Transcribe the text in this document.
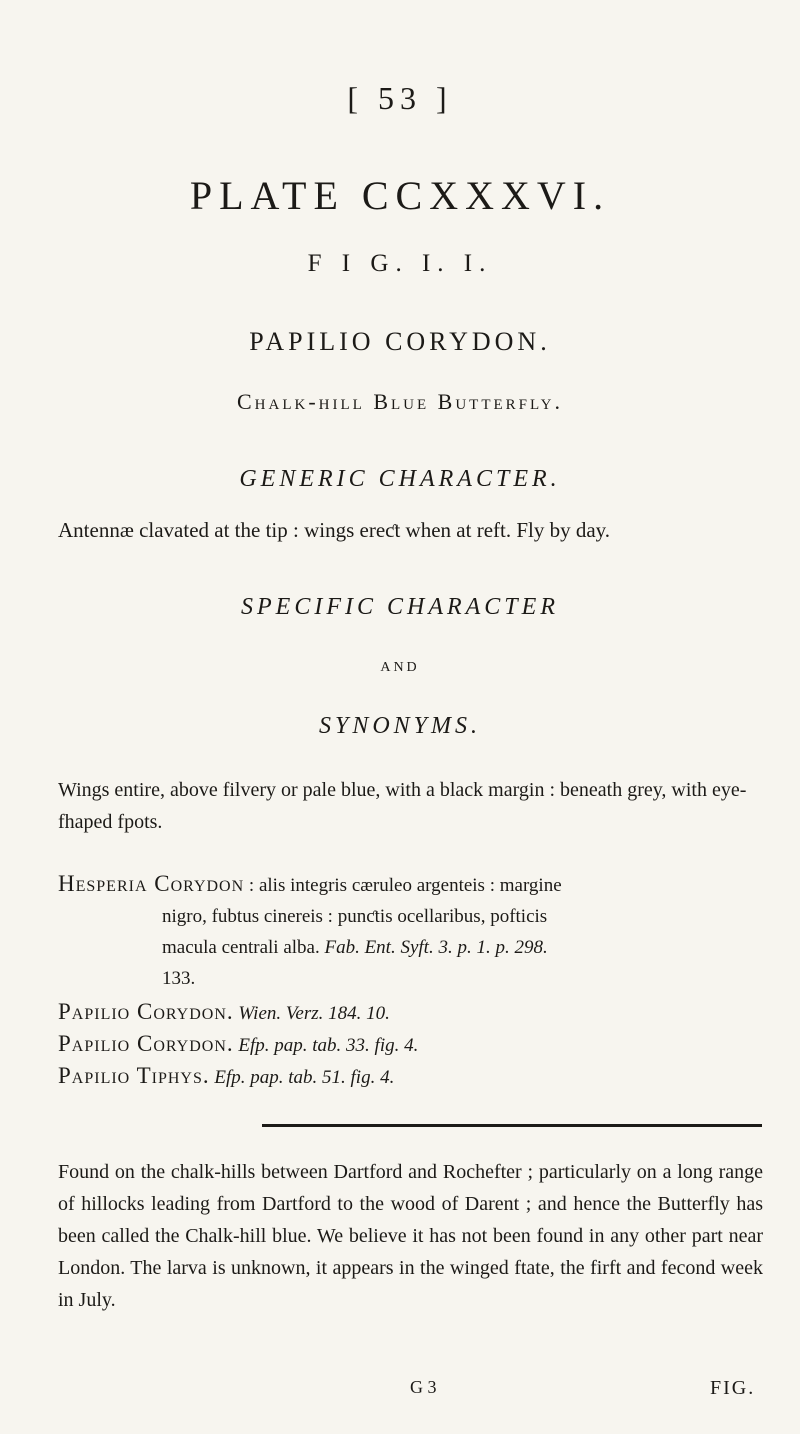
[ 53 ]
PLATE CCXXXVI.
F I G. I. I.
PAPILIO CORYDON.
Chalk-hill Blue Butterfly.
GENERIC CHARACTER.
Antennæ clavated at the tip : wings ereƈt when at reft. Fly by day.
SPECIFIC CHARACTER
AND
SYNONYMS.
Wings entire, above filvery or pale blue, with a black margin : beneath grey, with eye-fhaped fpots.
Hesperia Corydon : alis integris cæruleo argenteis : margine
nigro, fubtus cinereis : punƈtis ocellaribus, pofticis
macula centrali alba. Fab. Ent. Syft. 3. p. 1. p. 298.
133.
Papilio Corydon. Wien. Verz. 184. 10.
Papilio Corydon. Efp. pap. tab. 33. fig. 4.
Papilio Tiphys. Efp. pap. tab. 51. fig. 4.
Found on the chalk-hills between Dartford and Rochefter ; particularly on a long range of hillocks leading from Dartford to the wood of Darent ; and hence the Butterfly has been called the Chalk-hill blue. We believe it has not been found in any other part near London. The larva is unknown, it appears in the winged ftate, the firft and fecond week in July.
G 3	FIG.
